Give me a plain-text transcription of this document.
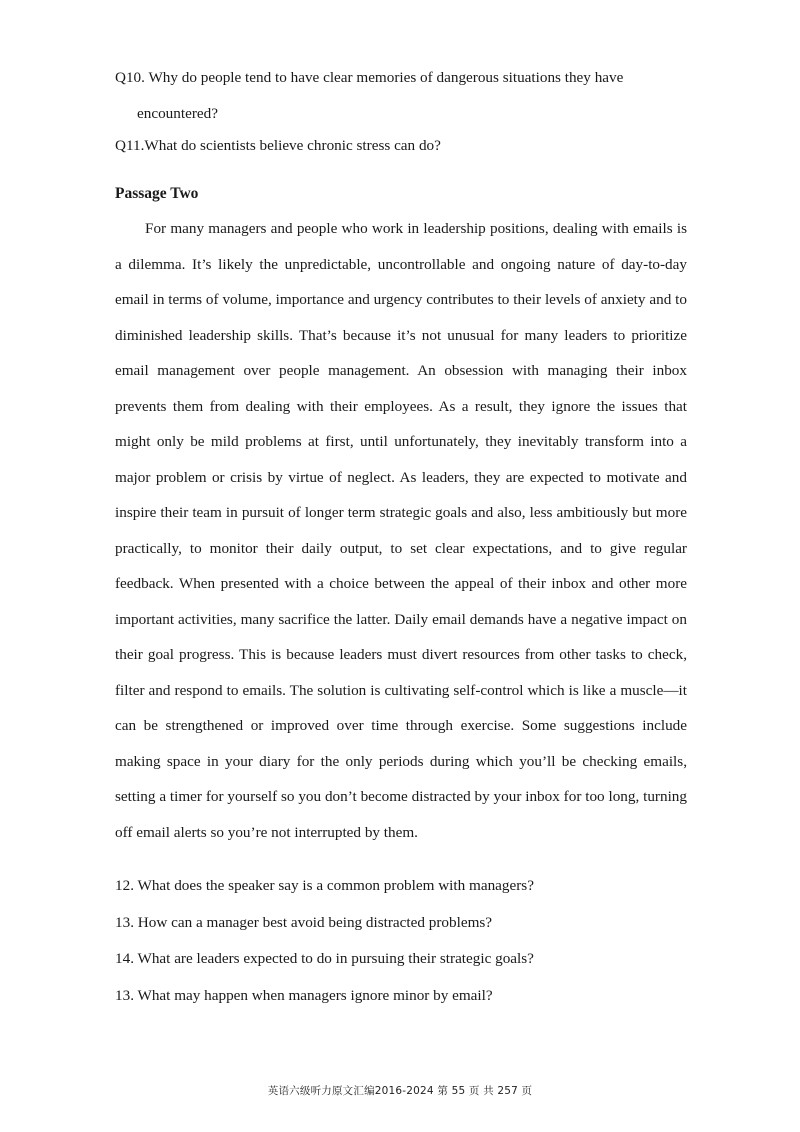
Q10. Why do people tend to have clear memories of dangerous situations they have
encountered?
Q11.What do scientists believe chronic stress can do?
Passage Two

For many managers and people who work in leadership positions, dealing with emails is a dilemma. It’s likely the unpredictable, uncontrollable and ongoing nature of day-to-day email in terms of volume, importance and urgency contributes to their levels of anxiety and to diminished leadership skills. That’s because it’s not unusual for many leaders to prioritize email management over people management. An obsession with managing their inbox prevents them from dealing with their employees. As a result, they ignore the issues that might only be mild problems at first, until unfortunately, they inevitably transform into a major problem or crisis by virtue of neglect. As leaders, they are expected to motivate and inspire their team in pursuit of longer term strategic goals and also, less ambitiously but more practically, to monitor their daily output, to set clear expectations, and to give regular feedback. When presented with a choice between the appeal of their inbox and other more important activities, many sacrifice the latter. Daily email demands have a negative impact on their goal progress. This is because leaders must divert resources from other tasks to check, filter and respond to emails. The solution is cultivating self-control which is like a muscle—it can be strengthened or improved over time through exercise. Some suggestions include making space in your diary for the only periods during which you’ll be checking emails, setting a timer for yourself so you don’t become distracted by your inbox for too long, turning off email alerts so you’re not interrupted by them.

12. What does the speaker say is a common problem with managers?
13. How can a manager best avoid being distracted problems?
14. What are leaders expected to do in pursuing their strategic goals?
13. What may happen when managers ignore minor by email?
英语六级听力原文汇编2016-2024 第 55 页 共 257 页
